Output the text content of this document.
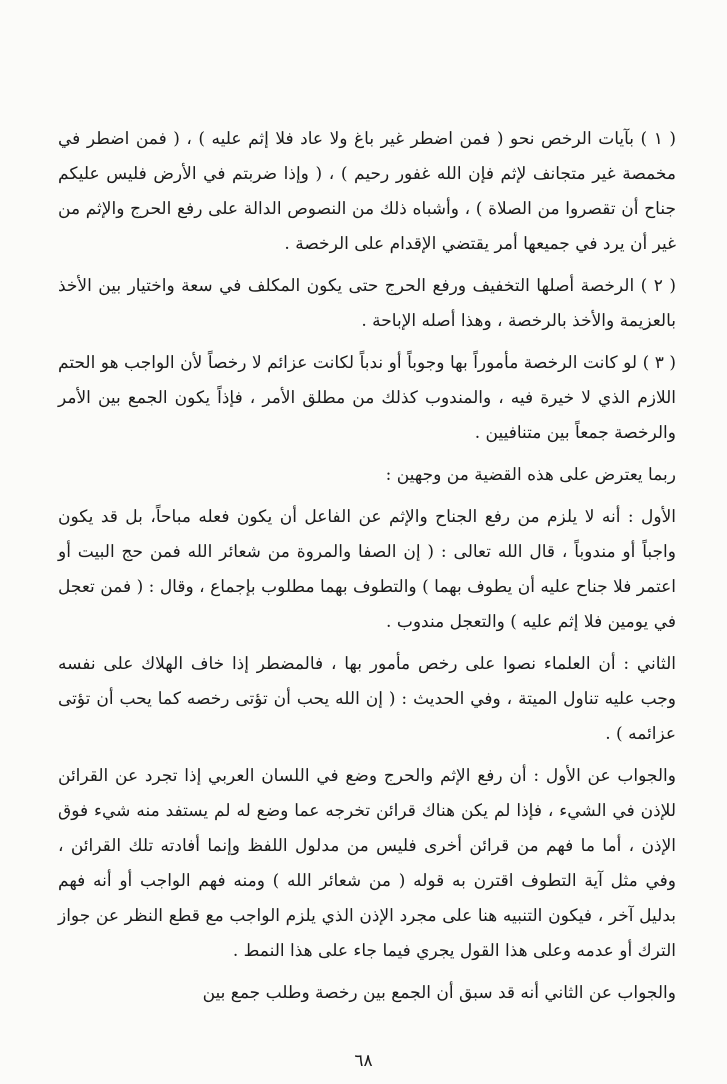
( ١ ) بآيات الرخص نحو ( فمن اضطر غير باغ ولا عاد فلا إثم عليه ) ، ( فمن اضطر في مخمصة غير متجانف لإثم فإن الله غفور رحيم ) ، ( وإذا ضربتم في الأرض فليس عليكم جناح أن تقصروا من الصلاة ) ، وأشباه ذلك من النصوص الدالة على رفع الحرج والإثم من غير أن يرد في جميعها أمر يقتضي الإقدام على الرخصة .

( ٢ ) الرخصة أصلها التخفيف ورفع الحرج حتى يكون المكلف في سعة واختيار بين الأخذ بالعزيمة والأخذ بالرخصة ، وهذا أصله الإباحة .

( ٣ ) لو كانت الرخصة مأموراً بها وجوباً أو ندباً لكانت عزائم لا رخصاً لأن الواجب هو الحتم اللازم الذي لا خيرة فيه ، والمندوب كذلك من مطلق الأمر ، فإذاً يكون الجمع بين الأمر والرخصة جمعاً بين متنافيين .

ربما يعترض على هذه القضية من وجهين :

الأول : أنه لا يلزم من رفع الجناح والإثم عن الفاعل أن يكون فعله مباحاً، بل قد يكون واجباً أو مندوباً ، قال الله تعالى : ( إن الصفا والمروة من شعائر الله فمن حج البيت أو اعتمر فلا جناح عليه أن يطوف بهما ) والتطوف بهما مطلوب بإجماع ، وقال : ( فمن تعجل في يومين فلا إثم عليه ) والتعجل مندوب .

الثاني : أن العلماء نصوا على رخص مأمور بها ، فالمضطر إذا خاف الهلاك على نفسه وجب عليه تناول الميتة ، وفي الحديث : ( إن الله يحب أن تؤتى رخصه كما يحب أن تؤتى عزائمه ) .

والجواب عن الأول : أن رفع الإثم والحرج وضع في اللسان العربي إذا تجرد عن القرائن للإذن في الشيء ، فإذا لم يكن هناك قرائن تخرجه عما وضع له لم يستفد منه شيء فوق الإذن ، أما ما فهم من قرائن أخرى فليس من مدلول اللفظ وإنما أفادته تلك القرائن ، وفي مثل آية التطوف اقترن به قوله ( من شعائر الله ) ومنه فهم الواجب أو أنه فهم بدليل آخر ، فيكون التنبيه هنا على مجرد الإذن الذي يلزم الواجب مع قطع النظر عن جواز الترك أو عدمه وعلى هذا القول يجري فيما جاء على هذا النمط .

والجواب عن الثاني أنه قد سبق أن الجمع بين رخصة وطلب جمع بين

٦٨
